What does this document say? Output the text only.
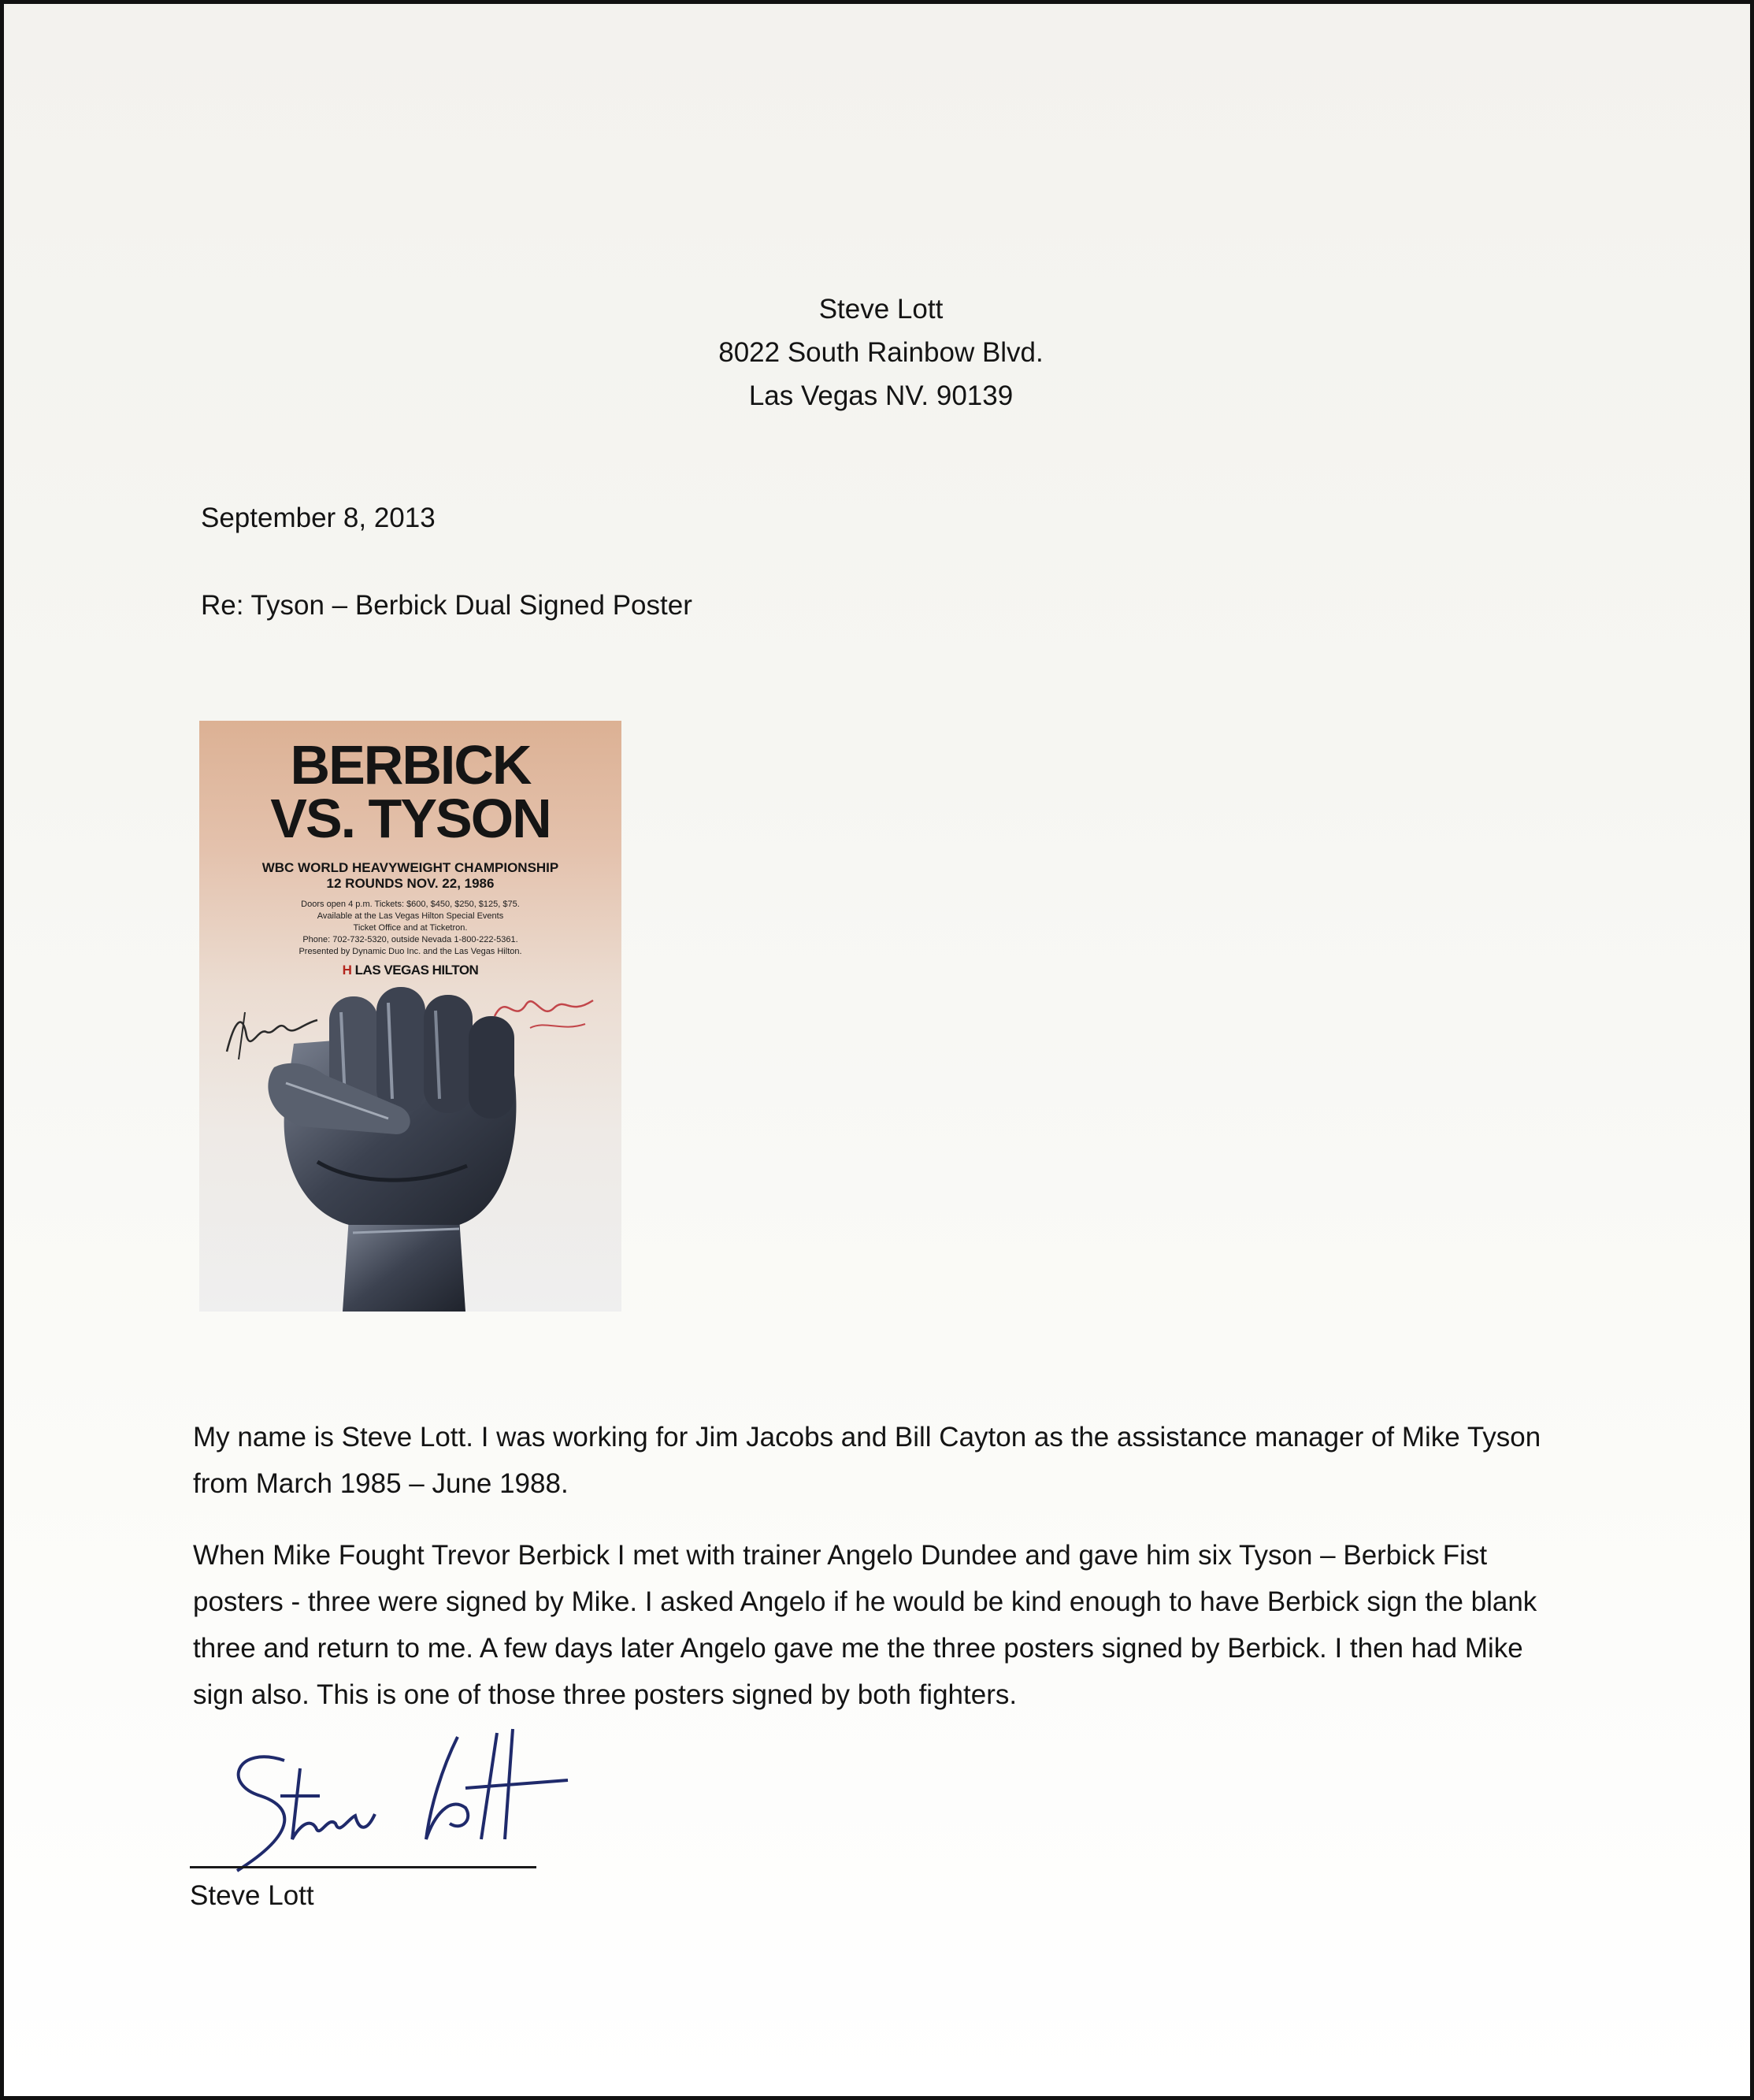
Steve Lott
8022 South Rainbow Blvd.
Las Vegas NV. 90139
September 8, 2013
Re: Tyson – Berbick Dual Signed Poster
BERBICK
VS. TYSON
WBC WORLD HEAVYWEIGHT CHAMPIONSHIP
12 ROUNDS NOV. 22, 1986
Doors open 4 p.m. Tickets: $600, $450, $250, $125, $75.
Available at the Las Vegas Hilton Special Events
Ticket Office and at Ticketron.
Phone: 702-732-5320, outside Nevada 1-800-222-5361.
Presented by Dynamic Duo Inc. and the Las Vegas Hilton.
H LAS VEGAS HILTON
My name is Steve Lott. I was working for Jim Jacobs and Bill Cayton as the assistance manager of Mike Tyson from March 1985 – June 1988.
When Mike Fought Trevor Berbick I met with trainer Angelo Dundee and gave him six Tyson – Berbick Fist posters - three were signed by Mike. I asked Angelo if he would be kind enough to have Berbick sign the blank three and return to me. A few days later Angelo gave me the three posters signed by Berbick. I then had Mike sign also. This is one of those three posters signed by both fighters.
Steve Lott
